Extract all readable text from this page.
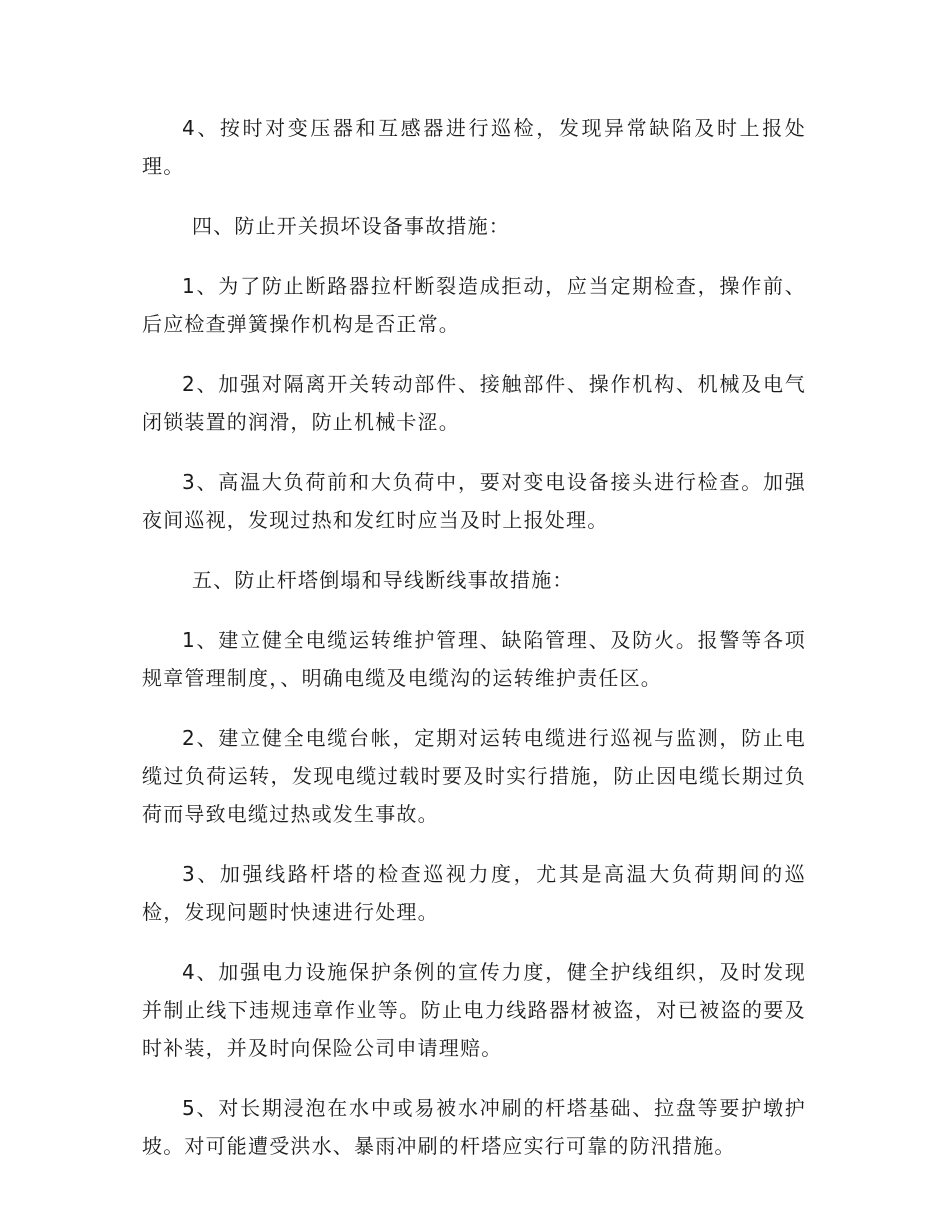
4、按时对变压器和互感器进行巡检，发现异常缺陷及时上报处理。

四、防止开关损坏设备事故措施：

1、为了防止断路器拉杆断裂造成拒动，应当定期检查，操作前、后应检查弹簧操作机构是否正常。

2、加强对隔离开关转动部件、接触部件、操作机构、机械及电气闭锁装置的润滑，防止机械卡涩。

3、高温大负荷前和大负荷中，要对变电设备接头进行检查。加强夜间巡视，发现过热和发红时应当及时上报处理。

五、防止杆塔倒塌和导线断线事故措施：

1、建立健全电缆运转维护管理、缺陷管理、及防火。报警等各项规章管理制度，、明确电缆及电缆沟的运转维护责任区。

2、建立健全电缆台帐，定期对运转电缆进行巡视与监测，防止电缆过负荷运转，发现电缆过载时要及时实行措施，防止因电缆长期过负荷而导致电缆过热或发生事故。

3、加强线路杆塔的检查巡视力度，尤其是高温大负荷期间的巡检，发现问题时快速进行处理。

4、加强电力设施保护条例的宣传力度，健全护线组织，及时发现并制止线下违规违章作业等。防止电力线路器材被盗，对已被盗的要及时补装，并及时向保险公司申请理赔。

5、对长期浸泡在水中或易被水冲刷的杆塔基础、拉盘等要护墩护坡。对可能遭受洪水、暴雨冲刷的杆塔应实行可靠的防汛措施。
